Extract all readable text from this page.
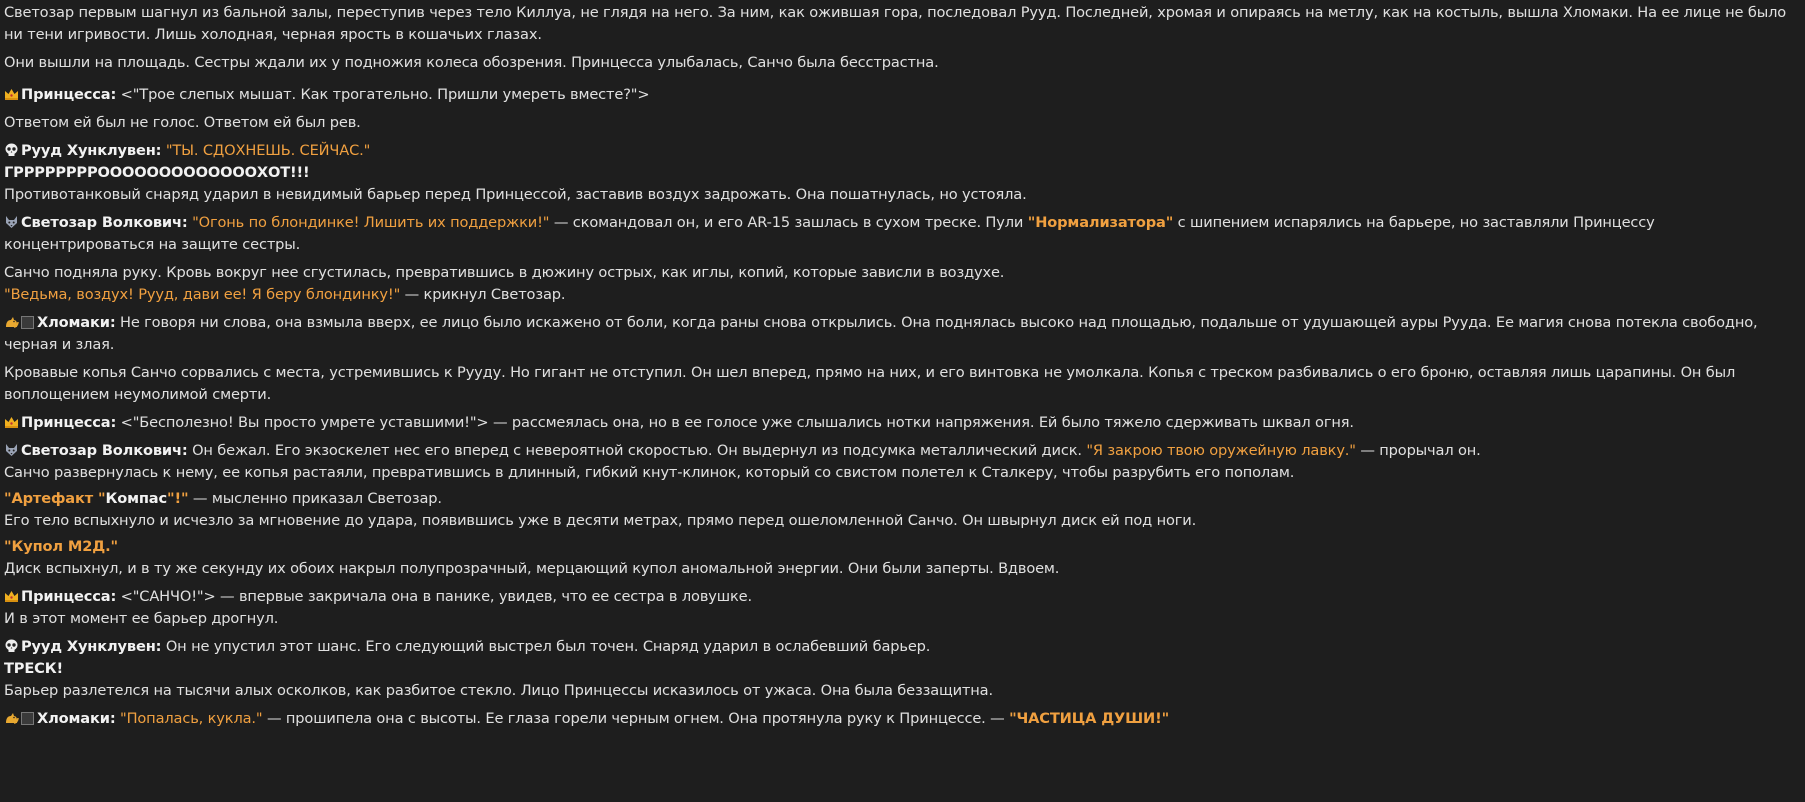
Светозар первым шагнул из бальной залы, переступив через тело Киллуа, не глядя на него. За ним, как ожившая гора, последовал Рууд. Последней, хромая и опираясь на метлу, как на костыль, вышла Хломаки. На ее лице не было ни тени игривости. Лишь холодная, черная ярость в кошачьих глазах.

Они вышли на площадь. Сестры ждали их у подножия колеса обозрения. Принцесса улыбалась, Санчо была бесстрастна.

Принцесса: <"Трое слепых мышат. Как трогательно. Пришли умереть вместе?">

Ответом ей был не голос. Ответом ей был рев.

Рууд Хунклувен: "ТЫ. СДОХНЕШЬ. СЕЙЧАС."

ГРРРРРРРРОООООООООООООХОТ!!!

Противотанковый снаряд ударил в невидимый барьер перед Принцессой, заставив воздух задрожать. Она пошатнулась, но устояла.

Светозар Волкович: "Огонь по блондинке! Лишить их поддержки!" — скомандовал он, и его AR-15 зашлась в сухом треске. Пули "Нормализатора" с шипением испарялись на барьере, но заставляли Принцессу концентрироваться на защите сестры.

Санчо подняла руку. Кровь вокруг нее сгустилась, превратившись в дюжину острых, как иглы, копий, которые зависли в воздухе.

"Ведьма, воздух! Рууд, дави ее! Я беру блондинку!" — крикнул Светозар.

Хломаки: Не говоря ни слова, она взмыла вверх, ее лицо было искажено от боли, когда раны снова открылись. Она поднялась высоко над площадью, подальше от удушающей ауры Рууда. Ее магия снова потекла свободно, черная и злая.

Кровавые копья Санчо сорвались с места, устремившись к Рууду. Но гигант не отступил. Он шел вперед, прямо на них, и его винтовка не умолкала. Копья с треском разбивались о его броню, оставляя лишь царапины. Он был воплощением неумолимой смерти.

Принцесса: <"Бесполезно! Вы просто умрете уставшими!"> — рассмеялась она, но в ее голосе уже слышались нотки напряжения. Ей было тяжело сдерживать шквал огня.

Светозар Волкович: Он бежал. Его экзоскелет нес его вперед с невероятной скоростью. Он выдернул из подсумка металлический диск. "Я закрою твою оружейную лавку." — прорычал он.

Санчо развернулась к нему, ее копья растаяли, превратившись в длинный, гибкий кнут-клинок, который со свистом полетел к Сталкеру, чтобы разрубить его пополам.

"Артефакт "Компас"!" — мысленно приказал Светозар.

Его тело вспыхнуло и исчезло за мгновение до удара, появившись уже в десяти метрах, прямо перед ошеломленной Санчо. Он швырнул диск ей под ноги.

"Купол М2Д."

Диск вспыхнул, и в ту же секунду их обоих накрыл полупрозрачный, мерцающий купол аномальной энергии. Они были заперты. Вдвоем.

Принцесса: <"САНЧО!"> — впервые закричала она в панике, увидев, что ее сестра в ловушке.

И в этот момент ее барьер дрогнул.

Рууд Хунклувен: Он не упустил этот шанс. Его следующий выстрел был точен. Снаряд ударил в ослабевший барьер.

ТРЕСК!

Барьер разлетелся на тысячи алых осколков, как разбитое стекло. Лицо Принцессы исказилось от ужаса. Она была беззащитна.

Хломаки: "Попалась, кукла." — прошипела она с высоты. Ее глаза горели черным огнем. Она протянула руку к Принцессе. — "ЧАСТИЦА ДУШИ!"
